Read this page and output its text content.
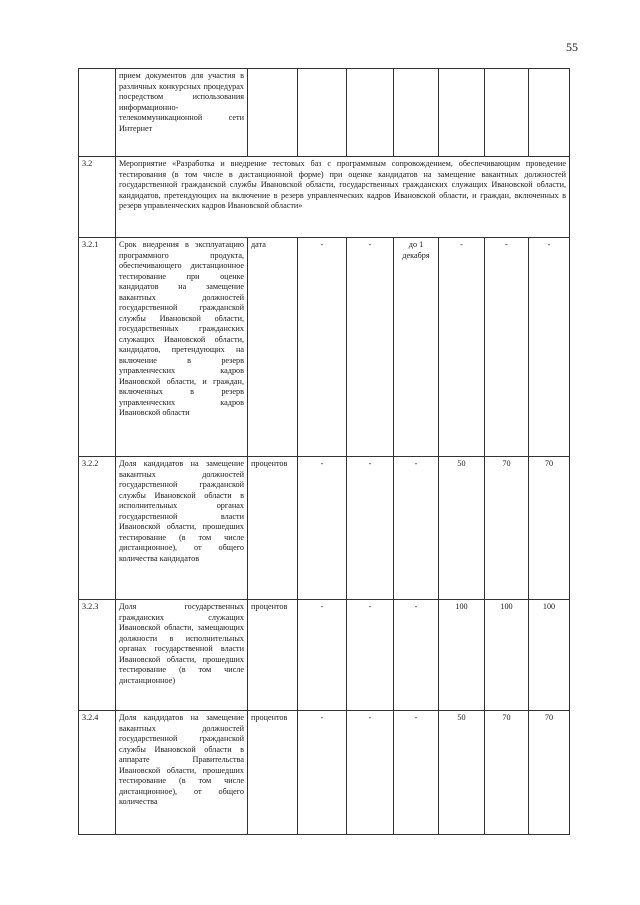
55
	прием документов для участия в различных конкурсных процедурах посредством использования информационно-телекоммуникационной сети Интернет							
3.2	Мероприятие «Разработка и внедрение тестовых баз с программным сопровождением, обеспечивающим проведение тестирования (в том числе в дистанционной форме) при оценке кандидатов на замещение вакантных должностей государственной гражданской службы Ивановской области, государственных гражданских служащих Ивановской области, кандидатов, претендующих на включение в резерв управленческих кадров Ивановской области, и граждан, включенных в резерв управленческих кадров Ивановской области»							
3.2.1	Срок внедрения в эксплуатацию программного продукта, обеспечивающего дистанционное тестирование при оценке кандидатов на замещение вакантных должностей государственной гражданской службы Ивановской области, государственных гражданских служащих Ивановской области, кандидатов, претендующих на включение в резерв управленческих кадров Ивановской области, и граждан, включенных в резерв управленческих кадров Ивановской области	дата	-	-	до 1 декабря	-	-	-
3.2.2	Доля кандидатов на замещение вакантных должностей государственной гражданской службы Ивановской области в исполнительных органах государственной власти Ивановской области, прошедших тестирование (в том числе дистанционное), от общего количества кандидатов	процентов	-	-	-	50	70	70
3.2.3	Доля государственных гражданских служащих Ивановской области, замещающих должности в исполнительных органах государственной власти Ивановской области, прошедших тестирование (в том числе дистанционное)	процентов	-	-	-	100	100	100
3.2.4	Доля кандидатов на замещение вакантных должностей государственной гражданской службы Ивановской области в аппарате Правительства Ивановской области, прошедших тестирование (в том числе дистанционное), от общего количества	процентов	-	-	-	50	70	70
